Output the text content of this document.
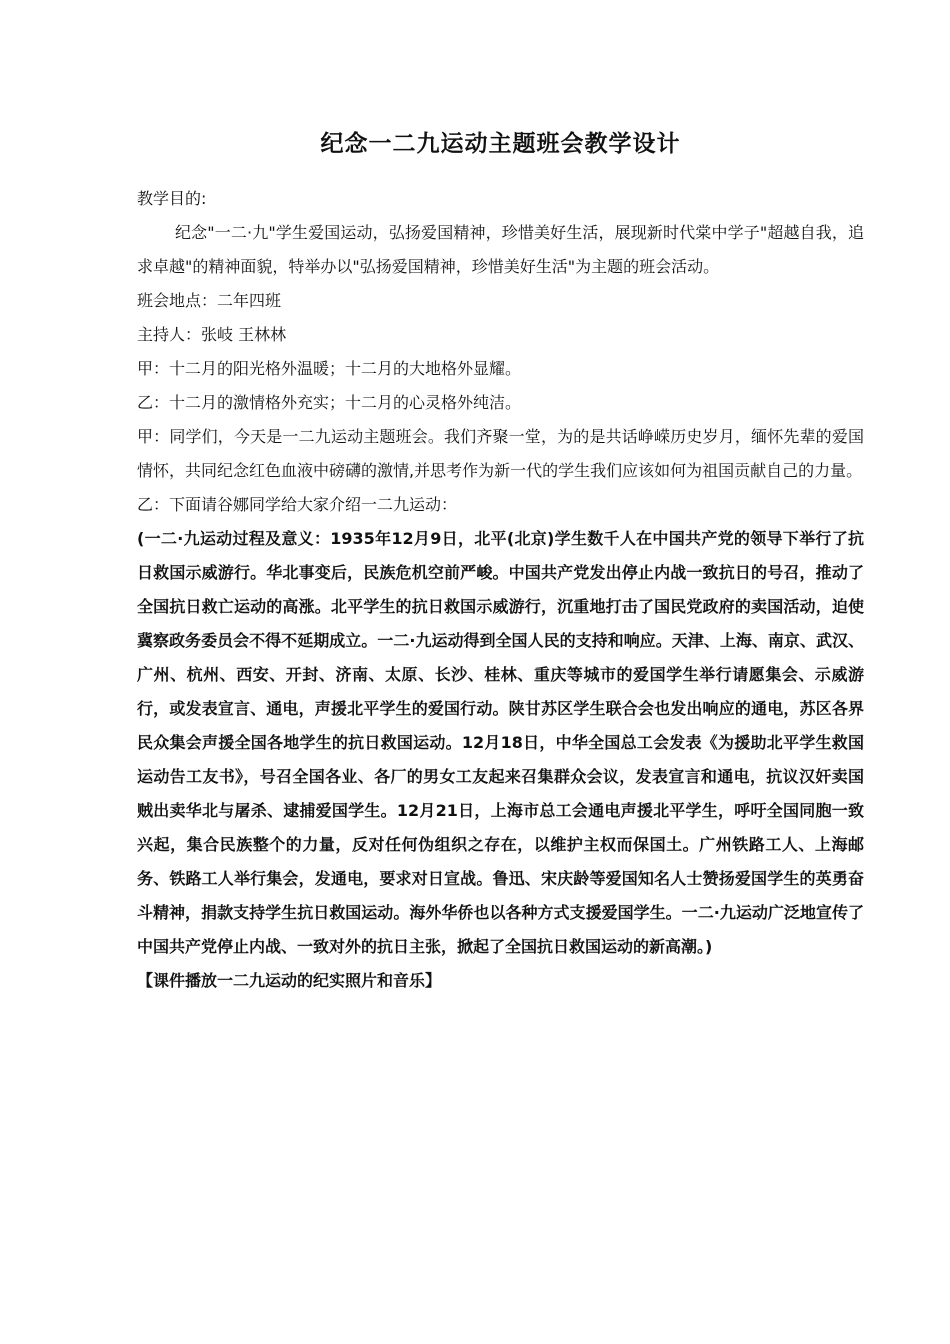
纪念一二九运动主题班会教学设计

教学目的:

纪念"一二·九"学生爱国运动，弘扬爱国精神，珍惜美好生活，展现新时代棠中学子"超越自我，追求卓越"的精神面貌，特举办以"弘扬爱国精神，珍惜美好生活"为主题的班会活动。

班会地点：二年四班

主持人：张岐 王林林

甲：十二月的阳光格外温暖；十二月的大地格外显耀。

乙：十二月的激情格外充实；十二月的心灵格外纯洁。

甲：同学们，今天是一二九运动主题班会。我们齐聚一堂，为的是共话峥嵘历史岁月，缅怀先辈的爱国情怀，共同纪念红色血液中磅礴的激情,并思考作为新一代的学生我们应该如何为祖国贡献自己的力量。

乙：下面请谷娜同学给大家介绍一二九运动：

(一二·九运动过程及意义：1935年12月9日，北平(北京)学生数千人在中国共产党的领导下举行了抗日救国示威游行。华北事变后，民族危机空前严峻。中国共产党发出停止内战一致抗日的号召，推动了全国抗日救亡运动的高涨。北平学生的抗日救国示威游行，沉重地打击了国民党政府的卖国活动，迫使冀察政务委员会不得不延期成立。一二·九运动得到全国人民的支持和响应。天津、上海、南京、武汉、广州、杭州、西安、开封、济南、太原、长沙、桂林、重庆等城市的爱国学生举行请愿集会、示威游行，或发表宣言、通电，声援北平学生的爱国行动。陕甘苏区学生联合会也发出响应的通电，苏区各界民众集会声援全国各地学生的抗日救国运动。12月18日，中华全国总工会发表《为援助北平学生救国运动告工友书》，号召全国各业、各厂的男女工友起来召集群众会议，发表宣言和通电，抗议汉奸卖国贼出卖华北与屠杀、逮捕爱国学生。12月21日，上海市总工会通电声援北平学生，呼吁全国同胞一致兴起，集合民族整个的力量，反对任何伪组织之存在，以维护主权而保国土。广州铁路工人、上海邮务、铁路工人举行集会，发通电，要求对日宣战。鲁迅、宋庆龄等爱国知名人士赞扬爱国学生的英勇奋斗精神，捐款支持学生抗日救国运动。海外华侨也以各种方式支援爱国学生。一二·九运动广泛地宣传了中国共产党停止内战、一致对外的抗日主张，掀起了全国抗日救国运动的新高潮。)

【课件播放一二九运动的纪实照片和音乐】
